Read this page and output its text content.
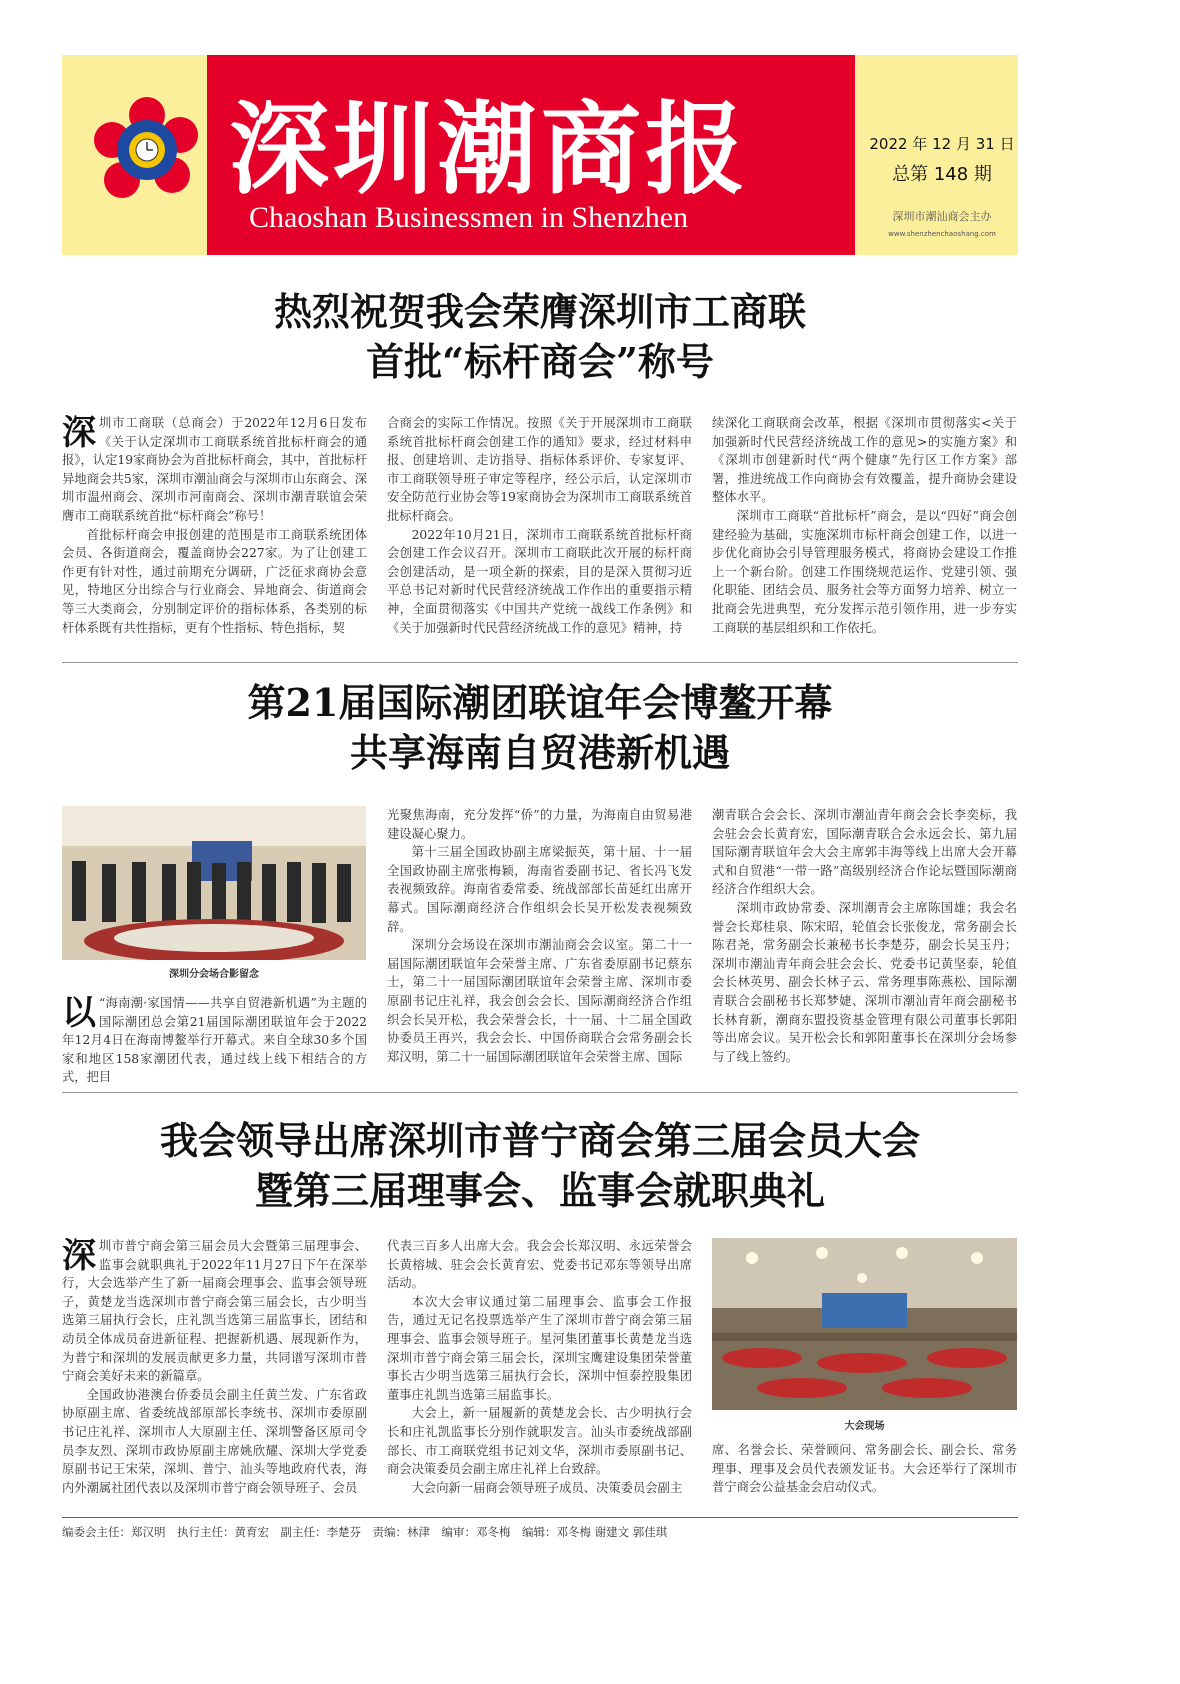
深圳潮商报
Chaoshan Businessmen in Shenzhen
2022 年 12 月 31 日
总第 148 期
深圳市潮汕商会主办
www.shenzhenchaoshang.com
热烈祝贺我会荣膺深圳市工商联
首批“标杆商会”称号

深圳市工商联（总商会）于2022年12月6日发布《关于认定深圳市工商联系统首批标杆商会的通报》，认定19家商协会为首批标杆商会，其中，首批标杆异地商会共5家，深圳市潮汕商会与深圳市山东商会、深圳市温州商会、深圳市河南商会、深圳市潮青联谊会荣膺市工商联系统首批“标杆商会”称号！

首批标杆商会申报创建的范围是市工商联系统团体会员、各街道商会，覆盖商协会227家。为了让创建工作更有针对性，通过前期充分调研，广泛征求商协会意见，特地区分出综合与行业商会、异地商会、街道商会等三大类商会，分别制定评价的指标体系，各类别的标杆体系既有共性指标，更有个性指标、特色指标，契

合商会的实际工作情况。按照《关于开展深圳市工商联系统首批标杆商会创建工作的通知》要求，经过材料申报、创建培训、走访指导、指标体系评价、专家复评、市工商联领导班子审定等程序，经公示后，认定深圳市安全防范行业协会等19家商协会为深圳市工商联系统首批标杆商会。

2022年10月21日，深圳市工商联系统首批标杆商会创建工作会议召开。深圳市工商联此次开展的标杆商会创建活动，是一项全新的探索，目的是深入贯彻习近平总书记对新时代民营经济统战工作作出的重要指示精神，全面贯彻落实《中国共产党统一战线工作条例》和《关于加强新时代民营经济统战工作的意见》精神，持

续深化工商联商会改革，根据《深圳市贯彻落实<关于加强新时代民营经济统战工作的意见>的实施方案》和《深圳市创建新时代“两个健康”先行区工作方案》部署，推进统战工作向商协会有效覆盖，提升商协会建设整体水平。

深圳市工商联“首批标杆”商会，是以“四好”商会创建经验为基础，实施深圳市标杆商会创建工作，以进一步优化商协会引导管理服务模式，将商协会建设工作推上一个新台阶。创建工作围绕规范运作、党建引领、强化职能、团结会员、服务社会等方面努力培养、树立一批商会先进典型，充分发挥示范引领作用，进一步夯实工商联的基层组织和工作依托。

第21届国际潮团联谊年会博鳌开幕
共享海南自贸港新机遇
深圳分会场合影留念

以 “海南潮·家国情——共享自贸港新机遇”为主题的国际潮团总会第21届国际潮团联谊年会于2022年12月4日在海南博鳌举行开幕式。来自全球30多个国家和地区158家潮团代表，通过线上线下相结合的方式，把目

光聚焦海南，充分发挥“侨”的力量，为海南自由贸易港建设凝心聚力。

第十三届全国政协副主席梁振英，第十届、十一届全国政协副主席张梅颖，海南省委副书记、省长冯飞发表视频致辞。海南省委常委、统战部部长苗延红出席开幕式。国际潮商经济合作组织会长吴开松发表视频致辞。

深圳分会场设在深圳市潮汕商会会议室。第二十一届国际潮团联谊年会荣誉主席、广东省委原副书记蔡东士，第二十一届国际潮团联谊年会荣誉主席、深圳市委原副书记庄礼祥，我会创会会长、国际潮商经济合作组织会长吴开松，我会荣誉会长，十一届、十二届全国政协委员王再兴，我会会长、中国侨商联合会常务副会长郑汉明，第二十一届国际潮团联谊年会荣誉主席、国际

潮青联合会会长、深圳市潮汕青年商会会长李奕标，我会驻会会长黄育宏，国际潮青联合会永远会长、第九届国际潮青联谊年会大会主席郭丰海等线上出席大会开幕式和自贸港“一带一路”高级别经济合作论坛暨国际潮商经济合作组织大会。

深圳市政协常委、深圳潮青会主席陈国雄；我会名誉会长郑桂泉、陈宋昭，轮值会长张俊龙，常务副会长陈君尧，常务副会长兼秘书长李楚芬，副会长吴玉丹；深圳市潮汕青年商会驻会会长、党委书记黄坚泰，轮值会长林英男、副会长林子云、常务理事陈燕松、国际潮青联合会副秘书长郑梦婕、深圳市潮汕青年商会副秘书长林育新，潮商东盟投资基金管理有限公司董事长郭阳等出席会议。吴开松会长和郭阳董事长在深圳分会场参与了线上签约。

我会领导出席深圳市普宁商会第三届会员大会
暨第三届理事会、监事会就职典礼

深圳市普宁商会第三届会员大会暨第三届理事会、监事会就职典礼于2022年11月27日下午在深举行，大会选举产生了新一届商会理事会、监事会领导班子，黄楚龙当选深圳市普宁商会第三届会长，古少明当选第三届执行会长，庄礼凯当选第三届监事长，团结和动员全体成员奋进新征程、把握新机遇、展现新作为，为普宁和深圳的发展贡献更多力量，共同谱写深圳市普宁商会美好未来的新篇章。

全国政协港澳台侨委员会副主任黄兰发、广东省政协原副主席、省委统战部原部长李统书、深圳市委原副书记庄礼祥、深圳市人大原副主任、深圳警备区原司令员李友烈、深圳市政协原副主席姚欣耀、深圳大学党委原副书记王宋荣，深圳、普宁、汕头等地政府代表，海内外潮属社团代表以及深圳市普宁商会领导班子、会员

代表三百多人出席大会。我会会长郑汉明、永远荣誉会长黄榕城、驻会会长黄育宏、党委书记邓东等领导出席活动。

本次大会审议通过第二届理事会、监事会工作报告，通过无记名投票选举产生了深圳市普宁商会第三届理事会、监事会领导班子。星河集团董事长黄楚龙当选深圳市普宁商会第三届会长，深圳宝鹰建设集团荣誉董事长古少明当选第三届执行会长，深圳中恒泰控股集团董事庄礼凯当选第三届监事长。

大会上，新一届履新的黄楚龙会长、古少明执行会长和庄礼凯监事长分别作就职发言。汕头市委统战部副部长、市工商联党组书记刘文华，深圳市委原副书记、商会决策委员会副主席庄礼祥上台致辞。

大会向新一届商会领导班子成员、决策委员会副主

大会现场

席、名誉会长、荣誉顾问、常务副会长、副会长、常务理事、理事及会员代表颁发证书。大会还举行了深圳市普宁商会公益基金会启动仪式。

编委会主任：郑汉明　执行主任：黄育宏　副主任：李楚芬　责编：林津　编审：邓冬梅　编辑：邓冬梅 谢建文 郭佳琪
